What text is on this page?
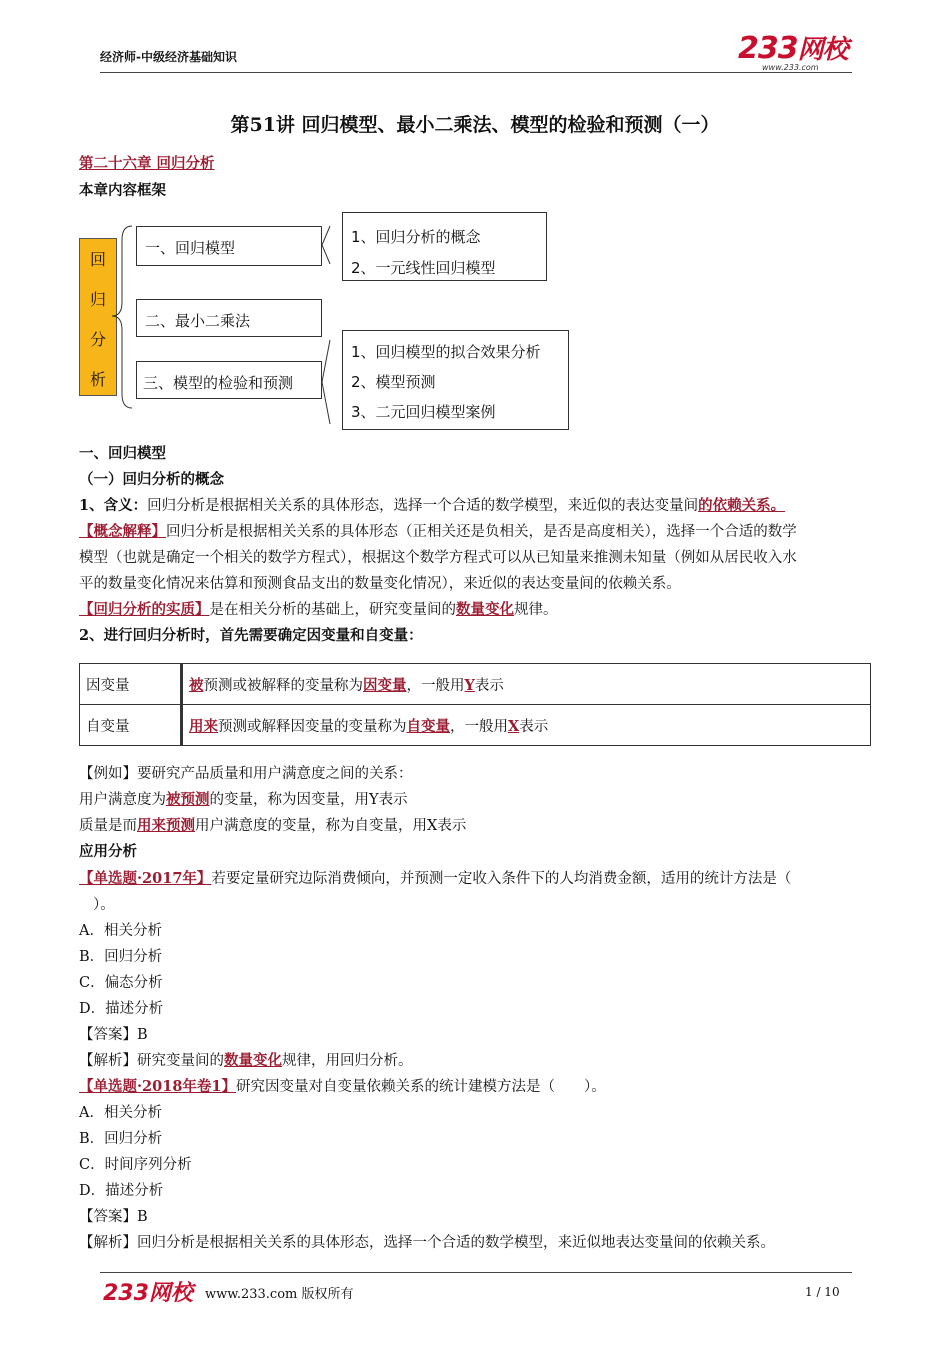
经济师-中级经济基础知识	233网校
www.233.com
第51讲 回归模型、最小二乘法、模型的检验和预测（一）
第二十六章 回归分析
本章内容框架
回
归
分
析
一、回归模型
二、最小二乘法
三、模型的检验和预测
1、回归分析的概念
2、一元线性回归模型
1、回归模型的拟合效果分析
2、模型预测
3、二元回归模型案例
一、回归模型
（一）回归分析的概念
1、含义：回归分析是根据相关关系的具体形态，选择一个合适的数学模型，来近似的表达变量间的依赖关系。
【概念解释】回归分析是根据相关关系的具体形态（正相关还是负相关，是否是高度相关），选择一个合适的数学
模型（也就是确定一个相关的数学方程式），根据这个数学方程式可以从已知量来推测未知量（例如从居民收入水
平的数量变化情况来估算和预测食品支出的数量变化情况），来近似的表达变量间的依赖关系。
【回归分析的实质】是在相关分析的基础上，研究变量间的数量变化规律。
2、进行回归分析时，首先需要确定因变量和自变量：
因变量	被预测或被解释的变量称为因变量，一般用Y表示
自变量	用来预测或解释因变量的变量称为自变量，一般用X表示
【例如】要研究产品质量和用户满意度之间的关系：
用户满意度为被预测的变量，称为因变量，用Y表示
质量是而用来预测用户满意度的变量，称为自变量，用X表示
应用分析
【单选题·2017年】若要定量研究边际消费倾向，并预测一定收入条件下的人均消费金额，适用的统计方法是（
）。
A．相关分析
B．回归分析
C．偏态分析
D．描述分析
【答案】B
【解析】研究变量间的数量变化规律，用回归分析。
【单选题·2018年卷1】研究因变量对自变量依赖关系的统计建模方法是（　　）。
A．相关分析
B．回归分析
C．时间序列分析
D．描述分析
【答案】B
【解析】回归分析是根据相关关系的具体形态，选择一个合适的数学模型，来近似地表达变量间的依赖关系。
233网校 www.233.com 版权所有	1 / 10
